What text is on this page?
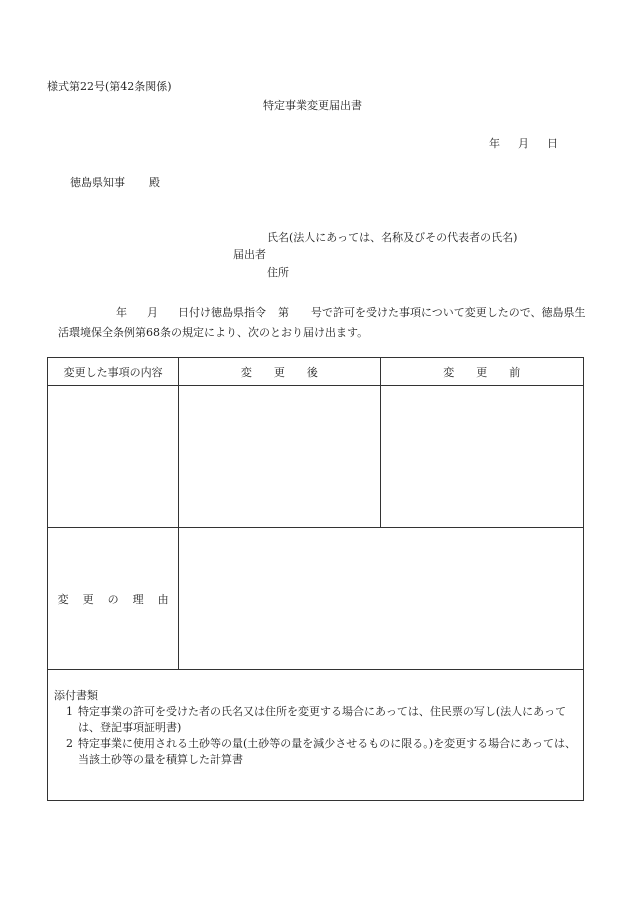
様式第22号(第42条関係)
特定事業変更届出書
年 月 日
徳島県知事 殿
氏名(法人にあっては、名称及びその代表者の氏名)
届出者
住所
年 月 日付け徳島県指令 第 号で許可を受けた事項について変更したので、徳島県生活環境保全条例第68条の規定により、次のとおり届け出ます。
変更した事項の内容	変 更 後	変 更 前

変 更 の 理 由		

添付書類
1 特定事業の許可を受けた者の氏名又は住所を変更する場合にあっては、住民票の写し(法人にあっては、登記事項証明書)
2 特定事業に使用される土砂等の量(土砂等の量を減少させるものに限る。)を変更する場合にあっては、当該土砂等の量を積算した計算書		
